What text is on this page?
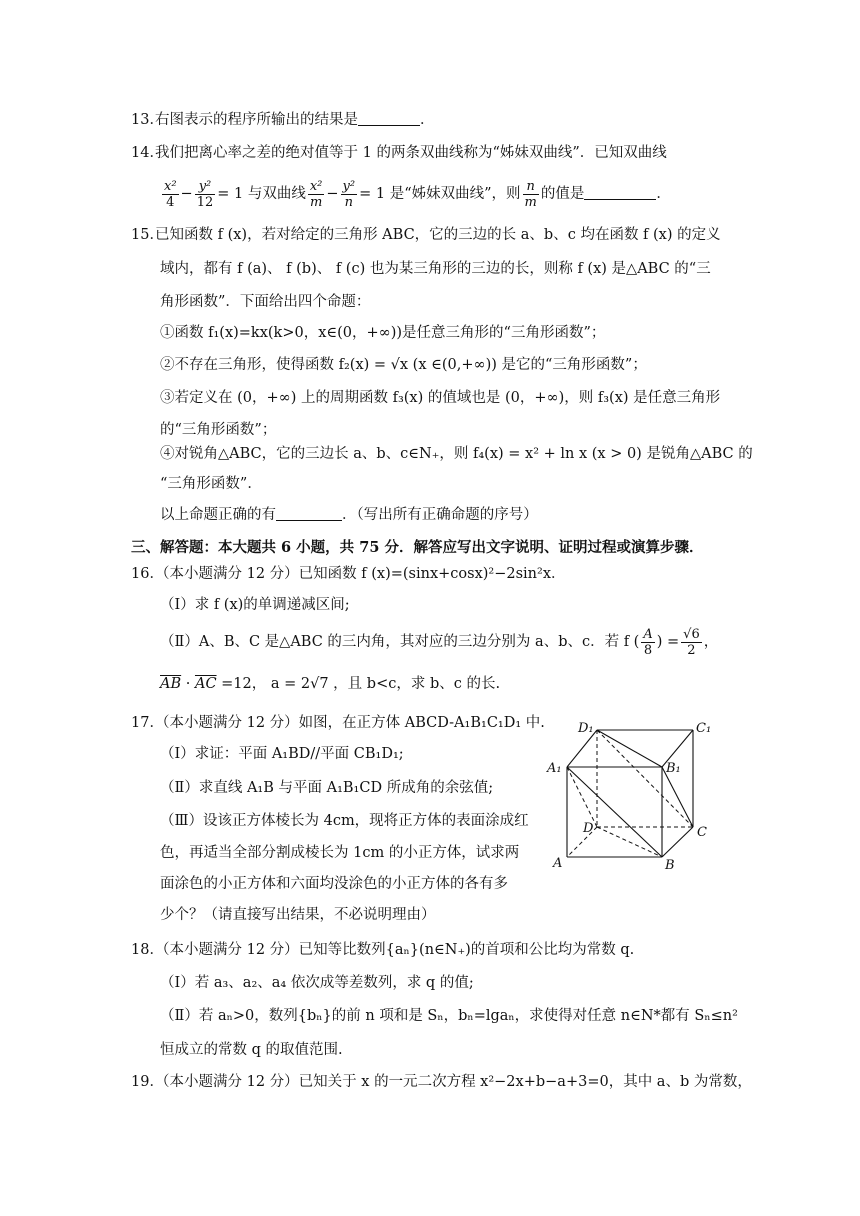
13．右图表示的程序所输出的结果是	．
14．我们把离心率之差的绝对值等于 1 的两条双曲线称为“姊妹双曲线”．已知双曲线
$\frac{\text{x²}}{4} - \frac{\text{y²}}{12} = 1$ 与双曲线 $\frac{\text{x²}}{m} - \frac{\text{y²}}{n} = 1$ 是“姊妹双曲线”，则 $\frac{n}{m}$ 的值是	．
15．已知函数 f (x)，若对给定的三角形 ABC，它的三边的长 a、b、c 均在函数 f (x) 的定义
域内，都有 f (a)、 f (b)、 f (c) 也为某三角形的三边的长，则称 f (x) 是△ABC 的“三
角形函数”．下面给出四个命题：
①函数 f₁(x)=kx(k>0，x∈(0，+∞))是任意三角形的“三角形函数”；
②不存在三角形，使得函数 f₂(x) = √x (x ∈(0,+∞)) 是它的“三角形函数”；
③若定义在 (0，+∞) 上的周期函数 f₃(x) 的值域也是 (0，+∞)，则 f₃(x) 是任意三角形
的“三角形函数”；
④对锐角△ABC，它的三边长 a、b、c∈N₊，则 f₄(x) = x² + ln x (x > 0) 是锐角△ABC 的
“三角形函数”．
以上命题正确的有	．（写出所有正确命题的序号）
三、解答题：本大题共 6 小题，共 75 分．解答应写出文字说明、证明过程或演算步骤．
16．（本小题满分 12 分）已知函数 f (x)=(sinx+cosx)²−2sin²x．
（Ⅰ）求 f (x)的单调递减区间;
（Ⅱ）A、B、C 是△ABC 的三内角，其对应的三边分别为 a、b、c．若 f ( $\frac{A}{8}$ ) = $\frac{√6}{2}$ ，
$\overline{AB} \cdot \overline{AC} =12$， a = 2√7 ，且 b<c，求 b、c 的长.
17．（本小题满分 12 分）如图，在正方体 ABCD-A₁B₁C₁D₁ 中.
（Ⅰ）求证：平面 A₁BD//平面 CB₁D₁;
（Ⅱ）求直线 A₁B 与平面 A₁B₁CD 所成角的余弦值;
（Ⅲ）设该正方体棱长为 4cm，现将正方体的表面涂成红
色，再适当全部分割成棱长为 1cm 的小正方体，试求两
面涂色的小正方体和六面均没涂色的小正方体的各有多
少个？（请直接写出结果，不必说明理由）
D₁	C₁
A₁	B₁
D	C
A	B
18．（本小题满分 12 分）已知等比数列{aₙ}(n∈N₊)的首项和公比均为常数 q.
（Ⅰ）若 a₃、a₂、a₄ 依次成等差数列，求 q 的值;
（Ⅱ）若 aₙ>0，数列{bₙ}的前 n 项和是 Sₙ，bₙ=lgaₙ，求使得对任意 n∈N*都有 Sₙ≤n²
恒成立的常数 q 的取值范围.
19．（本小题满分 12 分）已知关于 x 的一元二次方程 x²−2x+b−a+3=0，其中 a、b 为常数，
